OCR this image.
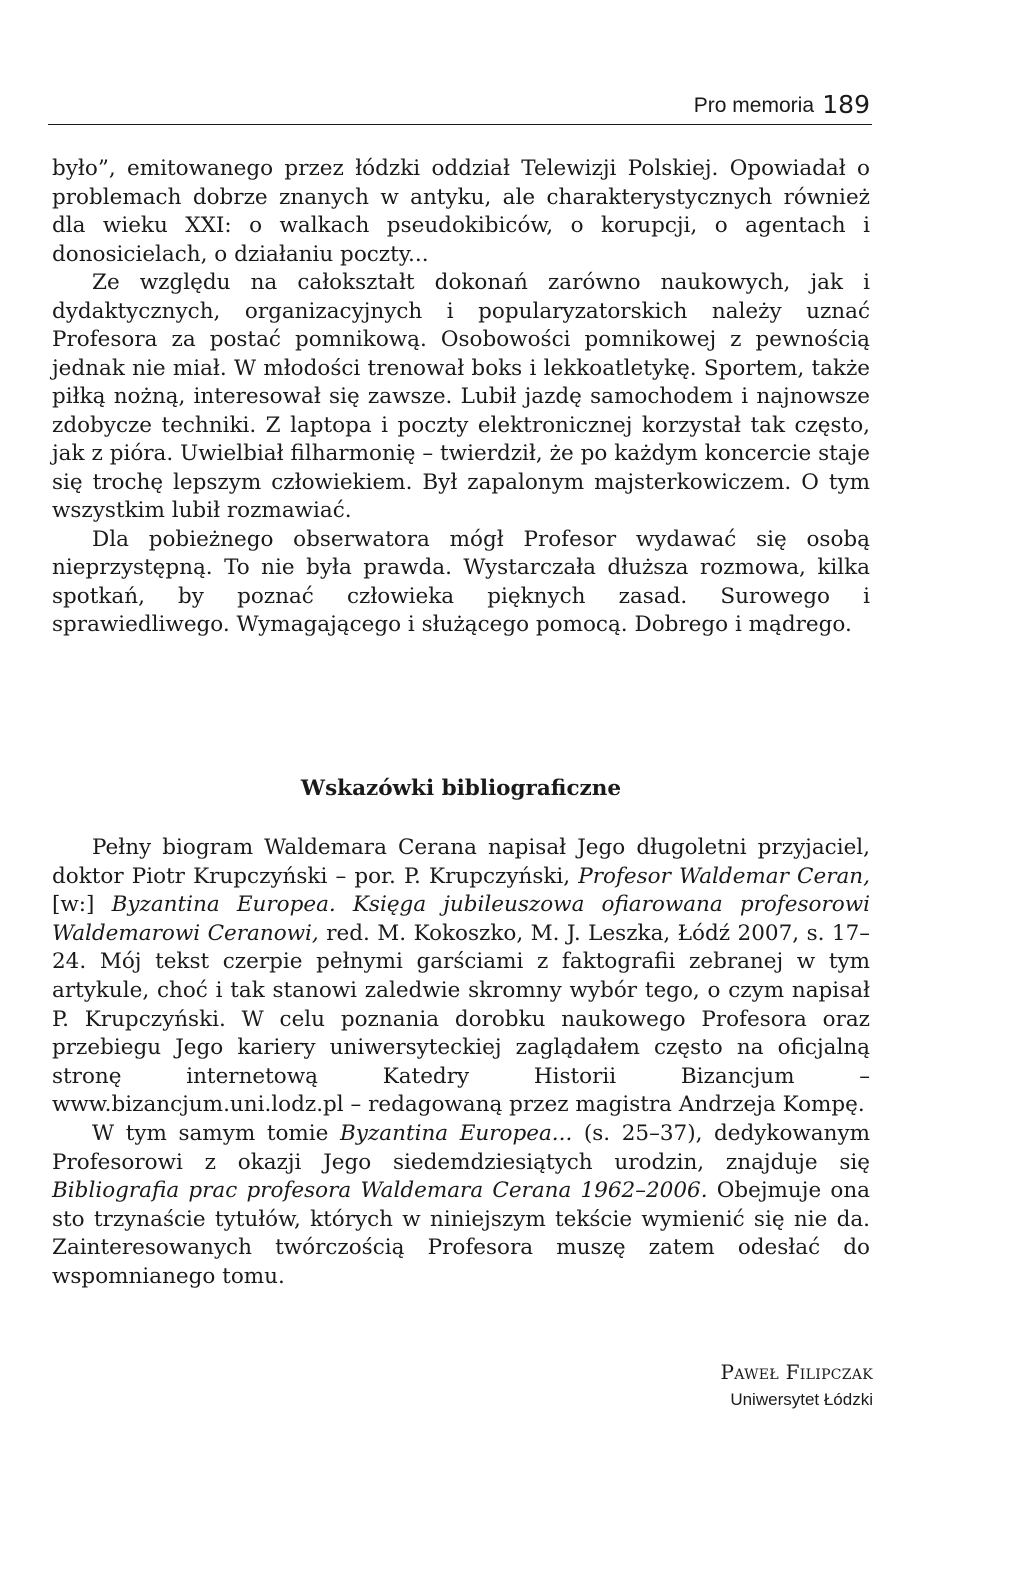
Pro memoria 189

było”, emitowanego przez łódzki oddział Telewizji Polskiej. Opowiadał o problemach dobrze znanych w antyku, ale charakterystycznych również dla wieku XXI: o walkach pseudokibiców, o korupcji, o agentach i donosicielach, o działaniu poczty...

Ze względu na całokształt dokonań zarówno naukowych, jak i dydaktycznych, organizacyjnych i popularyzatorskich należy uznać Profesora za postać pomnikową. Osobowości pomnikowej z pewnością jednak nie miał. W młodości trenował boks i lekkoatletykę. Sportem, także piłką nożną, interesował się zawsze. Lubił jazdę samochodem i najnowsze zdobycze techniki. Z laptopa i poczty elektronicznej korzystał tak często, jak z pióra. Uwielbiał filharmonię – twierdził, że po każdym koncercie staje się trochę lepszym człowiekiem. Był zapalonym majsterkowiczem. O tym wszystkim lubił rozmawiać.

Dla pobieżnego obserwatora mógł Profesor wydawać się osobą nieprzystępną. To nie była prawda. Wystarczała dłuższa rozmowa, kilka spotkań, by poznać człowieka pięknych zasad. Surowego i sprawiedliwego. Wymagającego i służącego pomocą. Dobrego i mądrego.

Wskazówki bibliograficzne

Pełny biogram Waldemara Cerana napisał Jego długoletni przyjaciel, doktor Piotr Krupczyński – por. P. Krupczyński, Profesor Waldemar Ceran, [w:] Byzantina Europea. Księga jubileuszowa ofiarowana profesorowi Waldemarowi Ceranowi, red. M. Kokoszko, M. J. Leszka, Łódź 2007, s. 17–24. Mój tekst czerpie pełnymi garściami z faktografii zebranej w tym artykule, choć i tak stanowi zaledwie skromny wybór tego, o czym napisał P. Krupczyński. W celu poznania dorobku naukowego Profesora oraz przebiegu Jego kariery uniwersyteckiej zaglądałem często na oficjalną stronę internetową Katedry Historii Bizancjum – www.bizancjum.uni.lodz.pl – redagowaną przez magistra Andrzeja Kompę.

W tym samym tomie Byzantina Europea... (s. 25–37), dedykowanym Profesorowi z okazji Jego siedemdziesiątych urodzin, znajduje się Bibliografia prac profesora Waldemara Cerana 1962–2006. Obejmuje ona sto trzynaście tytułów, których w niniejszym tekście wymienić się nie da. Zainteresowanych twórczością Profesora muszę zatem odesłać do wspomnianego tomu.

Paweł Filipczak
Uniwersytet Łódzki
